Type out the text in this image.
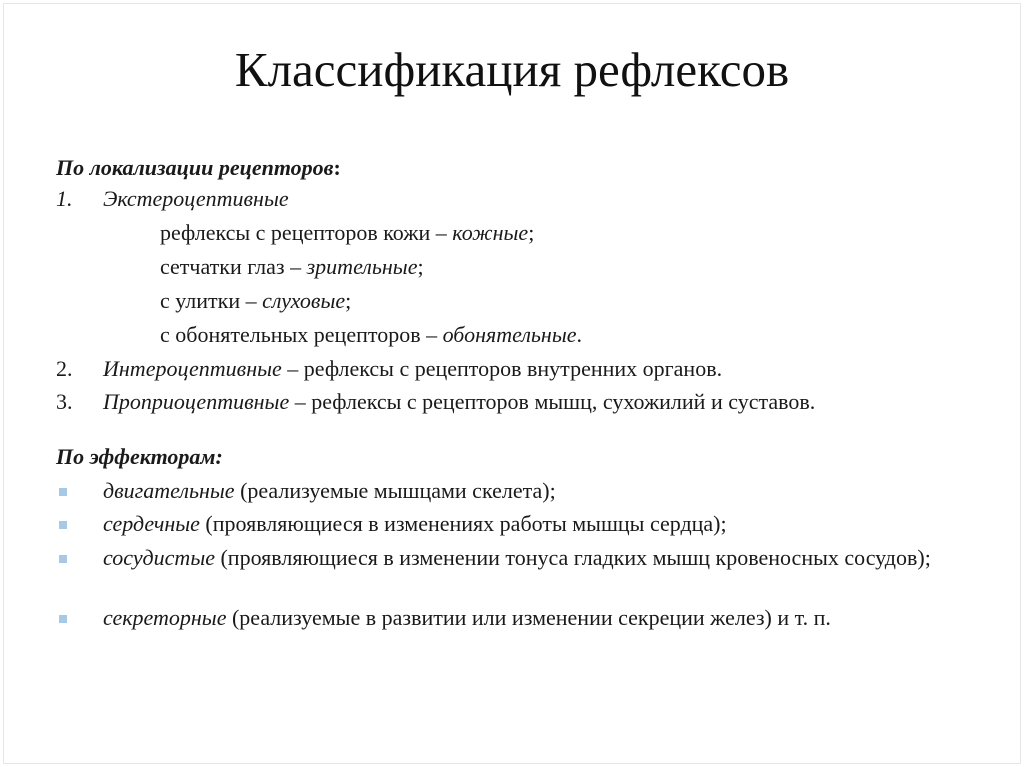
Классификация рефлексов
По локализации рецепторов:
1. Экстероцептивные
рефлексы с рецепторов кожи – кожные;
сетчатки глаз – зрительные;
с улитки – слуховые;
с обонятельных рецепторов – обонятельные.
2. Интероцептивные – рефлексы с рецепторов внутренних органов.
3. Проприоцептивные – рефлексы с рецепторов мышц, сухожилий и суставов.
По эффекторам:
двигательные (реализуемые мышцами скелета);
сердечные (проявляющиеся в изменениях работы мышцы сердца);
сосудистые (проявляющиеся в изменении тонуса гладких мышц кровеносных сосудов);
секреторные (реализуемые в развитии или изменении секреции желез) и т. п.
